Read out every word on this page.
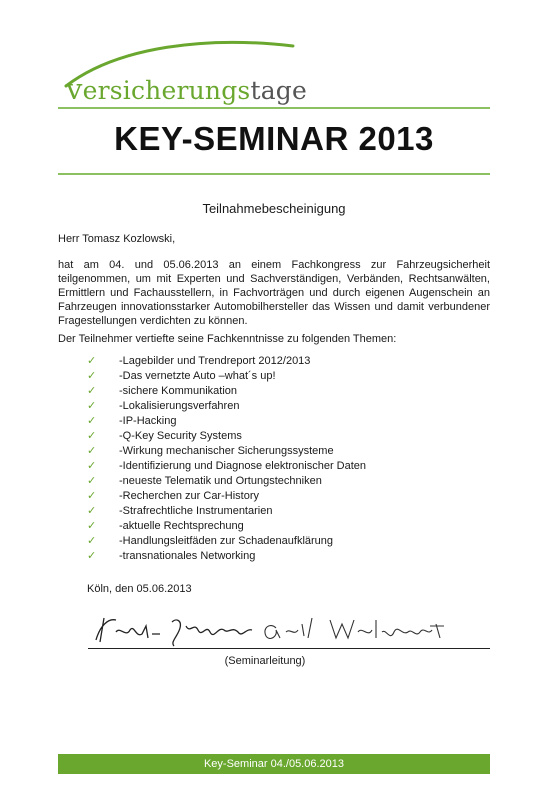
versicherungstage
KEY-SEMINAR 2013
Teilnahmebescheinigung
Herr Tomasz Kozlowski,
hat am 04. und 05.06.2013 an einem Fachkongress zur Fahrzeugsicherheit teilgenommen, um mit Experten und Sachverständigen, Verbänden, Rechtsanwälten, Ermittlern und Fachausstellern, in Fachvorträgen und durch eigenen Augenschein an Fahrzeugen innovationsstarker Automobilhersteller das Wissen und damit verbundener Fragestellungen verdichten zu können.
Der Teilnehmer vertiefte seine Fachkenntnisse zu folgenden Themen:
✓ -Lagebilder und Trendreport 2012/2013
✓ -Das vernetzte Auto –what´s up!
✓ -sichere Kommunikation
✓ -Lokalisierungsverfahren
✓ -IP-Hacking
✓ -Q-Key Security Systems
✓ -Wirkung mechanischer Sicherungssysteme
✓ -Identifizierung und Diagnose elektronischer Daten
✓ -neueste Telematik und Ortungstechniken
✓ -Recherchen zur Car-History
✓ -Strafrechtliche Instrumentarien
✓ -aktuelle Rechtsprechung
✓ -Handlungsleitfäden zur Schadenaufklärung
✓ -transnationales Networking
Köln, den 05.06.2013
(Seminarleitung)
Key-Seminar 04./05.06.2013
